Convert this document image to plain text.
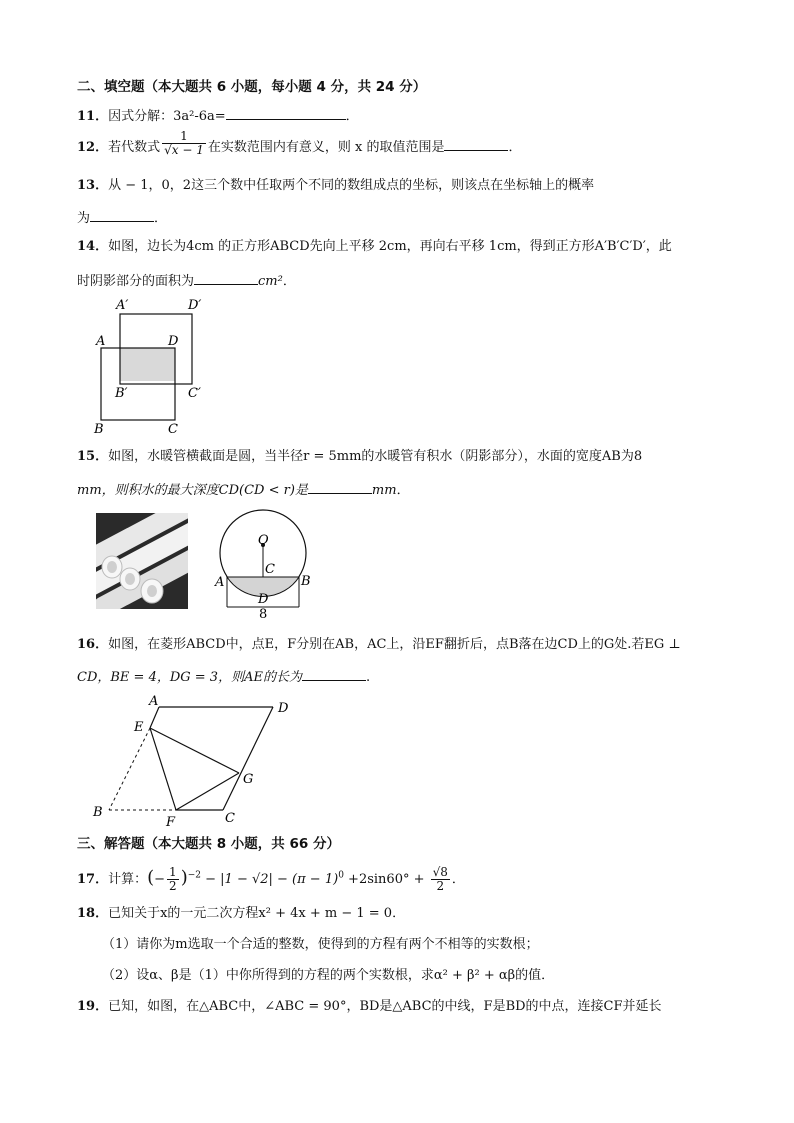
二、填空题（本大题共 6 小题，每小题 4 分，共 24 分）
11．因式分解：3a²-6a=	．
12．若代数式 $\frac{1}{√x - 1}$ 在实数范围内有意义，则 x 的取值范围是	．
13．从 − 1，0，2这三个数中任取两个不同的数组成点的坐标，则该点在坐标轴上的概率
为	．
14．如图，边长为4cm 的正方形ABCD先向上平移 2cm，再向右平移 1cm，得到正方形A′B′C′D′，此
时阴影部分的面积为	cm²．
A′	D′
A	D
B′	C′
B	C
15．如图，水暖管横截面是圆，当半径r = 5mm的水暖管有积水（阴影部分），水面的宽度AB为8
mm，则积水的最大深度CD(CD < r)是	mm．
O
C
A	B
D
8
16．如图，在菱形ABCD中，点E，F分别在AB，AC上，沿EF翻折后，点B落在边CD上的G处.若EG ⊥
CD，BE = 4，DG = 3，则AE的长为	.
A	D
E
G
B
F	C
三、解答题（本大题共 8 小题，共 66 分）
17．计算：(− $\frac{1}{2} )^{-2} - |1 - √2| - (\pi - 1)^0 +2\sin 60^\circ + \frac{√8}{2}$ ．
18．已知关于x的一元二次方程x² + 4x + m − 1 = 0．
（1）请你为m选取一个合适的整数，使得到的方程有两个不相等的实数根；
（2）设α、β是（1）中你所得到的方程的两个实数根，求α² + β² + αβ的值．
19．已知，如图，在△ABC中，∠ABC = 90°，BD是△ABC的中线，F是BD的中点，连接CF并延长
